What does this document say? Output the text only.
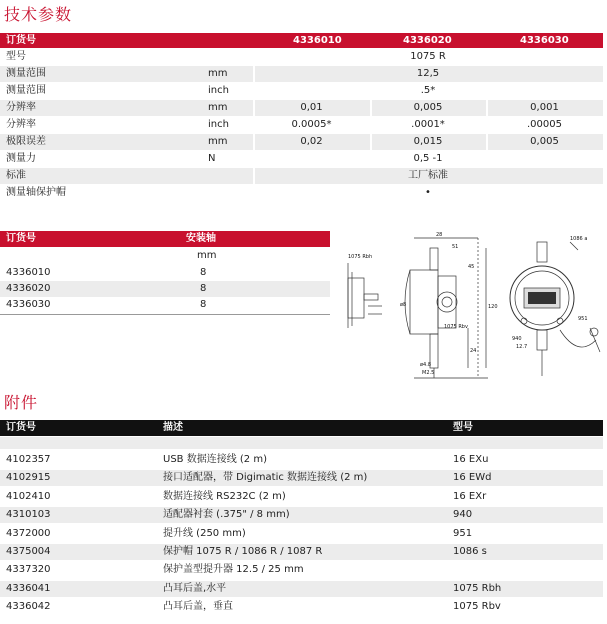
技术参数
订货号	4336010	4336020	4336030
型号	1075 R
测量范围	mm	12,5
测量范围	inch	.5*
分辨率	mm	0,01	0,005	0,001
分辨率	inch	0.0005*	.0001*	.00005
极限误差	mm	0,02	0,015	0,005
测量力	N	0,5 -1
标准	工厂标准
测量轴保护帽	•
订货号	安装轴
mm
4336010	8
4336020	8
4336030	8
1075 Rbh
1075 Rbv
1086 a
951
940
ø8
ø4.8
28
45
24
120
51
M2.5
12.7
附件
订货号	描述	型号
4102357	USB 数据连接线 (2 m)	16 EXu
4102915	接口适配器，带 Digimatic 数据连接线 (2 m)	16 EWd
4102410	数据连接线 RS232C (2 m)	16 EXr
4310103	适配器衬套 (.375" / 8 mm)	940
4372000	提升线 (250 mm)	951
4375004	保护帽 1075 R / 1086 R / 1087 R	1086 s
4337320	保护盖型提升器 12.5 / 25 mm
4336041	凸耳后盖,水平	1075 Rbh
4336042	凸耳后盖，垂直	1075 Rbv
